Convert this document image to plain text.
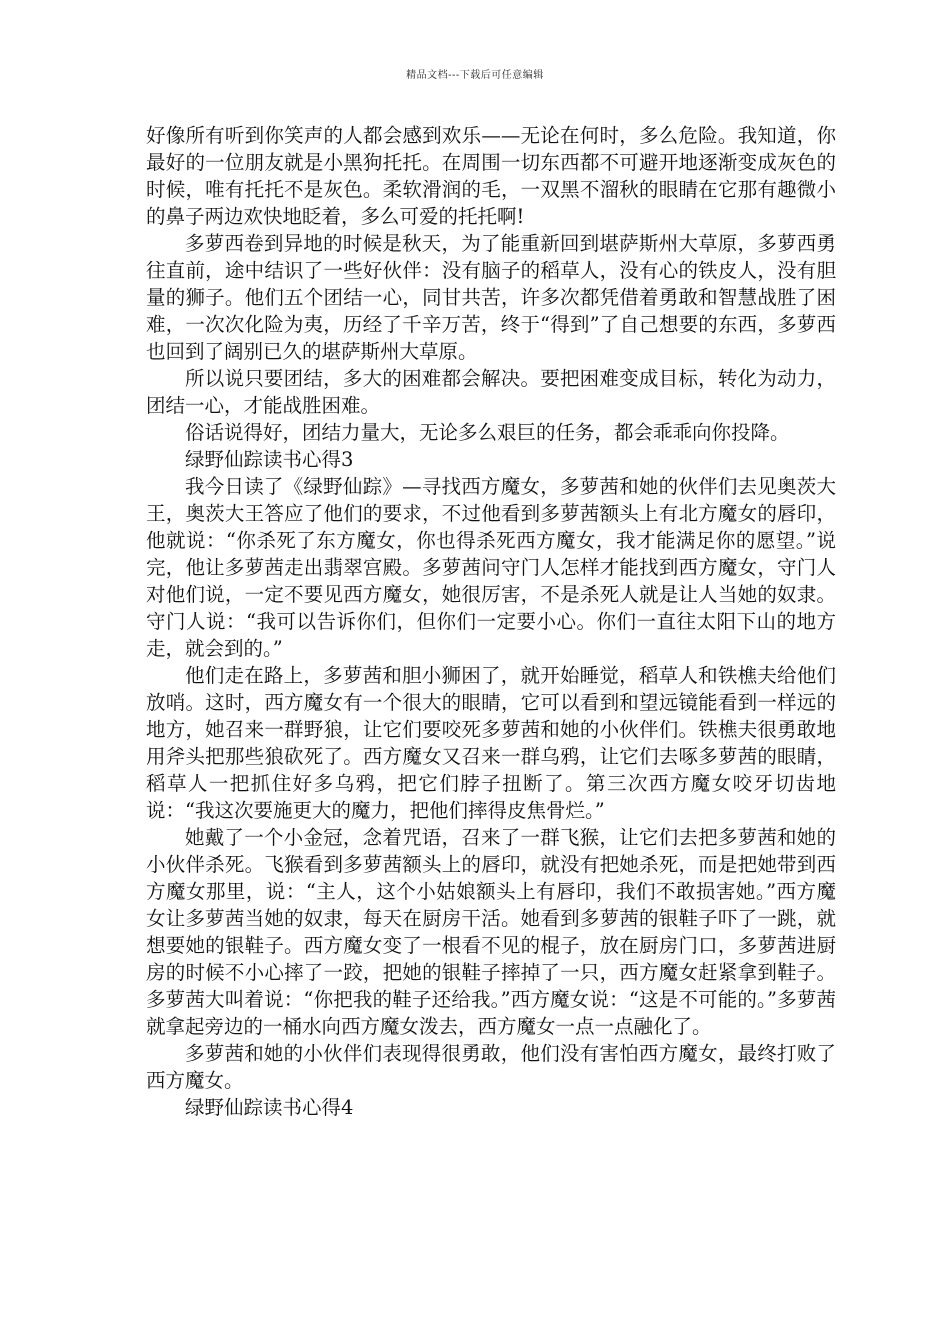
精品文档---下载后可任意编辑

好像所有听到你笑声的人都会感到欢乐——无论在何时，多么危险。我知道，你最好的一位朋友就是小黑狗托托。在周围一切东西都不可避开地逐渐变成灰色的时候，唯有托托不是灰色。柔软滑润的毛，一双黑不溜秋的眼睛在它那有趣微小的鼻子两边欢快地眨着，多么可爱的托托啊!

多萝西卷到异地的时候是秋天，为了能重新回到堪萨斯州大草原，多萝西勇往直前，途中结识了一些好伙伴：没有脑子的稻草人，没有心的铁皮人，没有胆量的狮子。他们五个团结一心，同甘共苦，许多次都凭借着勇敢和智慧战胜了困难，一次次化险为夷，历经了千辛万苦，终于“得到”了自己想要的东西，多萝西也回到了阔别已久的堪萨斯州大草原。

所以说只要团结，多大的困难都会解决。要把困难变成目标，转化为动力，团结一心，才能战胜困难。

俗话说得好，团结力量大，无论多么艰巨的任务，都会乖乖向你投降。

绿野仙踪读书心得3

我今日读了《绿野仙踪》—寻找西方魔女，多萝茜和她的伙伴们去见奥茨大王，奥茨大王答应了他们的要求，不过他看到多萝茜额头上有北方魔女的唇印，他就说：“你杀死了东方魔女，你也得杀死西方魔女，我才能满足你的愿望。”说完，他让多萝茜走出翡翠宫殿。多萝茜问守门人怎样才能找到西方魔女，守门人对他们说，一定不要见西方魔女，她很厉害，不是杀死人就是让人当她的奴隶。守门人说：“我可以告诉你们，但你们一定要小心。你们一直往太阳下山的地方走，就会到的。”

他们走在路上，多萝茜和胆小狮困了，就开始睡觉，稻草人和铁樵夫给他们放哨。这时，西方魔女有一个很大的眼睛，它可以看到和望远镜能看到一样远的地方，她召来一群野狼，让它们要咬死多萝茜和她的小伙伴们。铁樵夫很勇敢地用斧头把那些狼砍死了。西方魔女又召来一群乌鸦，让它们去啄多萝茜的眼睛，稻草人一把抓住好多乌鸦，把它们脖子扭断了。第三次西方魔女咬牙切齿地说：“我这次要施更大的魔力，把他们摔得皮焦骨烂。”

她戴了一个小金冠，念着咒语，召来了一群飞猴，让它们去把多萝茜和她的小伙伴杀死。飞猴看到多萝茜额头上的唇印，就没有把她杀死，而是把她带到西方魔女那里，说：“主人，这个小姑娘额头上有唇印，我们不敢损害她。”西方魔女让多萝茜当她的奴隶，每天在厨房干活。她看到多萝茜的银鞋子吓了一跳，就想要她的银鞋子。西方魔女变了一根看不见的棍子，放在厨房门口，多萝茜进厨房的时候不小心摔了一跤，把她的银鞋子摔掉了一只，西方魔女赶紧拿到鞋子。多萝茜大叫着说：“你把我的鞋子还给我。”西方魔女说：“这是不可能的。”多萝茜就拿起旁边的一桶水向西方魔女泼去，西方魔女一点一点融化了。

多萝茜和她的小伙伴们表现得很勇敢，他们没有害怕西方魔女，最终打败了西方魔女。

绿野仙踪读书心得4
